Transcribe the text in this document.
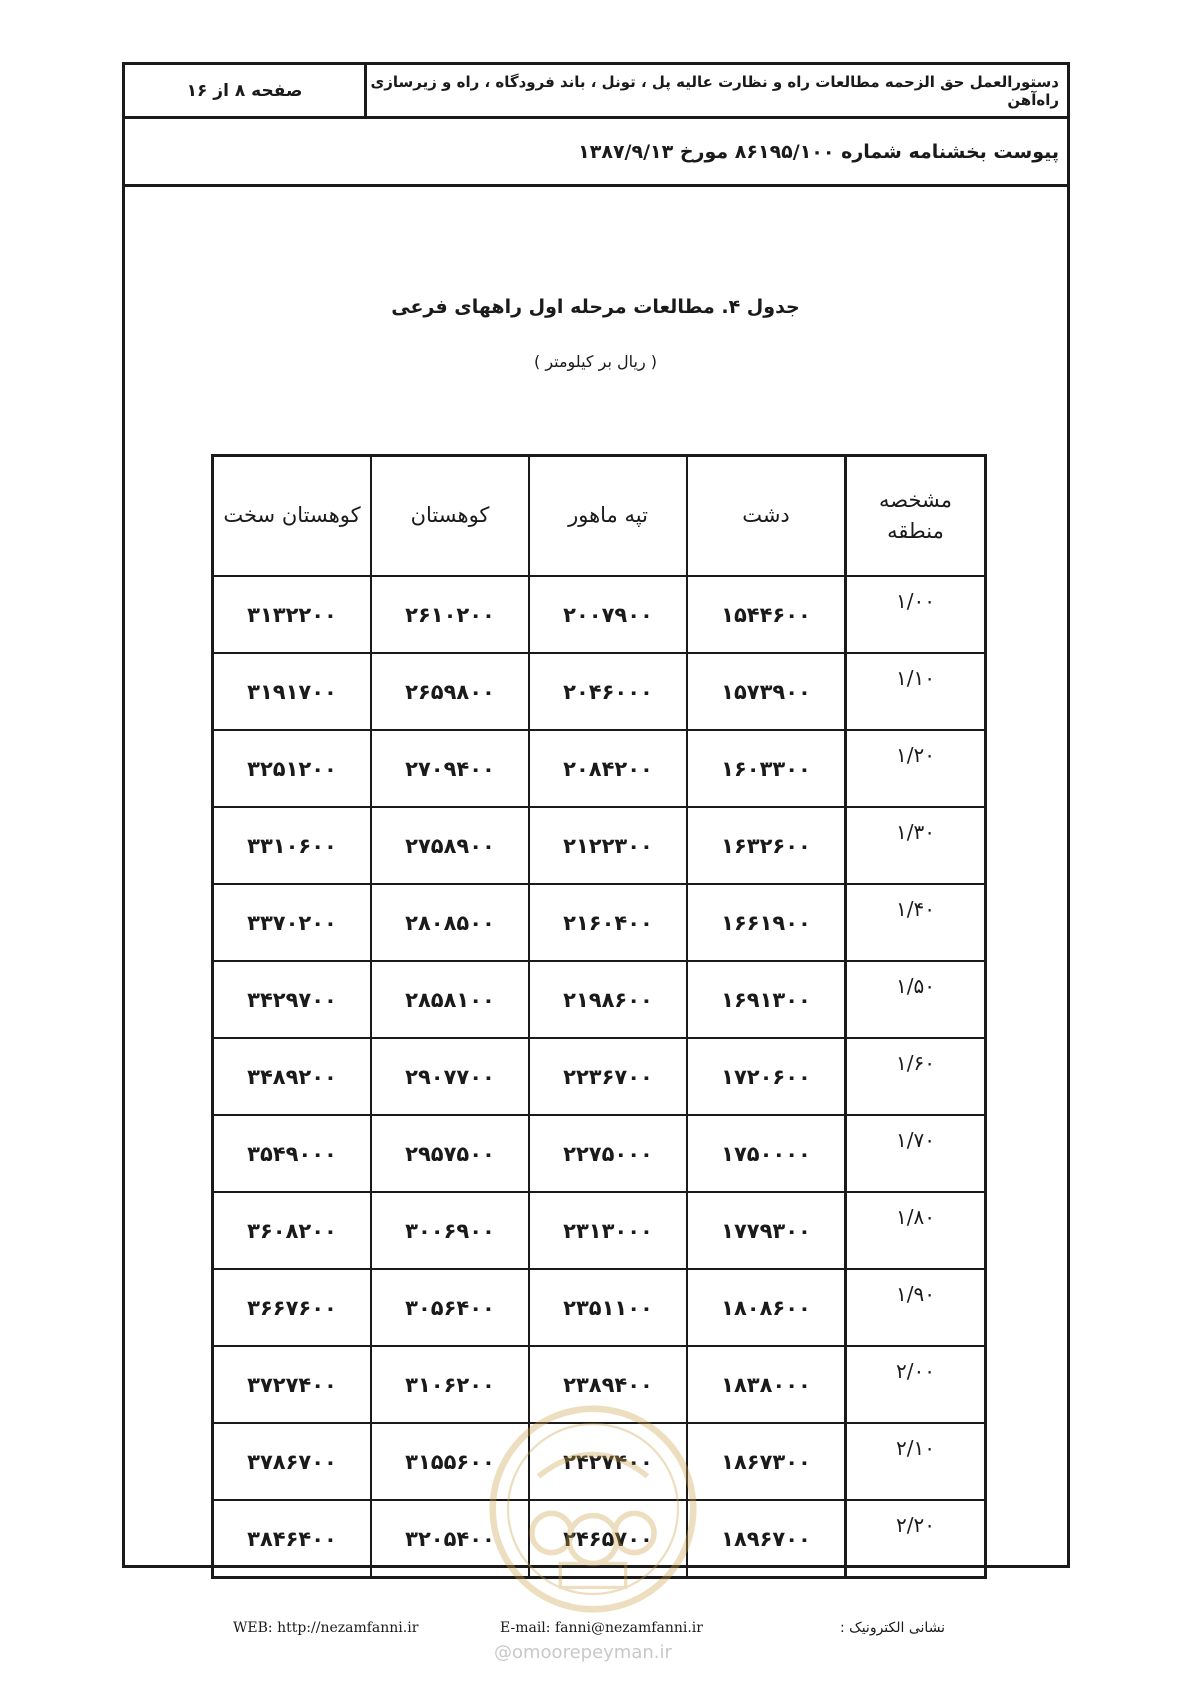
صفحه ۸ از ۱۶	دستورالعمل حق الزحمه مطالعات راه و نظارت عالیه پل ، تونل ، باند فرودگاه ، راه و زیرسازی راه‌آهن
پیوست بخشنامه شماره ۸۶۱۹۵/۱۰۰ مورخ ۱۳۸۷/۹/۱۳
جدول ۴. مطالعات مرحله اول راههای فرعی
( ریال بر کیلومتر )
مشخصه منطقه	دشت	تپه ماهور	کوهستان	کوهستان سخت
۱/۰۰	۱۵۴۴۶۰۰	۲۰۰۷۹۰۰	۲۶۱۰۲۰۰	۳۱۳۲۲۰۰
۱/۱۰	۱۵۷۳۹۰۰	۲۰۴۶۰۰۰	۲۶۵۹۸۰۰	۳۱۹۱۷۰۰
۱/۲۰	۱۶۰۳۳۰۰	۲۰۸۴۲۰۰	۲۷۰۹۴۰۰	۳۲۵۱۲۰۰
۱/۳۰	۱۶۳۲۶۰۰	۲۱۲۲۳۰۰	۲۷۵۸۹۰۰	۳۳۱۰۶۰۰
۱/۴۰	۱۶۶۱۹۰۰	۲۱۶۰۴۰۰	۲۸۰۸۵۰۰	۳۳۷۰۲۰۰
۱/۵۰	۱۶۹۱۳۰۰	۲۱۹۸۶۰۰	۲۸۵۸۱۰۰	۳۴۲۹۷۰۰
۱/۶۰	۱۷۲۰۶۰۰	۲۲۳۶۷۰۰	۲۹۰۷۷۰۰	۳۴۸۹۲۰۰
۱/۷۰	۱۷۵۰۰۰۰	۲۲۷۵۰۰۰	۲۹۵۷۵۰۰	۳۵۴۹۰۰۰
۱/۸۰	۱۷۷۹۳۰۰	۲۳۱۳۰۰۰	۳۰۰۶۹۰۰	۳۶۰۸۲۰۰
۱/۹۰	۱۸۰۸۶۰۰	۲۳۵۱۱۰۰	۳۰۵۶۴۰۰	۳۶۶۷۶۰۰
۲/۰۰	۱۸۳۸۰۰۰	۲۳۸۹۴۰۰	۳۱۰۶۲۰۰	۳۷۲۷۴۰۰
۲/۱۰	۱۸۶۷۳۰۰	۲۴۲۷۴۰۰	۳۱۵۵۶۰۰	۳۷۸۶۷۰۰
۲/۲۰	۱۸۹۶۷۰۰	۲۴۶۵۷۰۰	۳۲۰۵۴۰۰	۳۸۴۶۴۰۰
WEB: http://nezamfanni.ir	E-mail: fanni@nezamfanni.ir	نشانی الکترونیک :
@omoorepeyman.ir
